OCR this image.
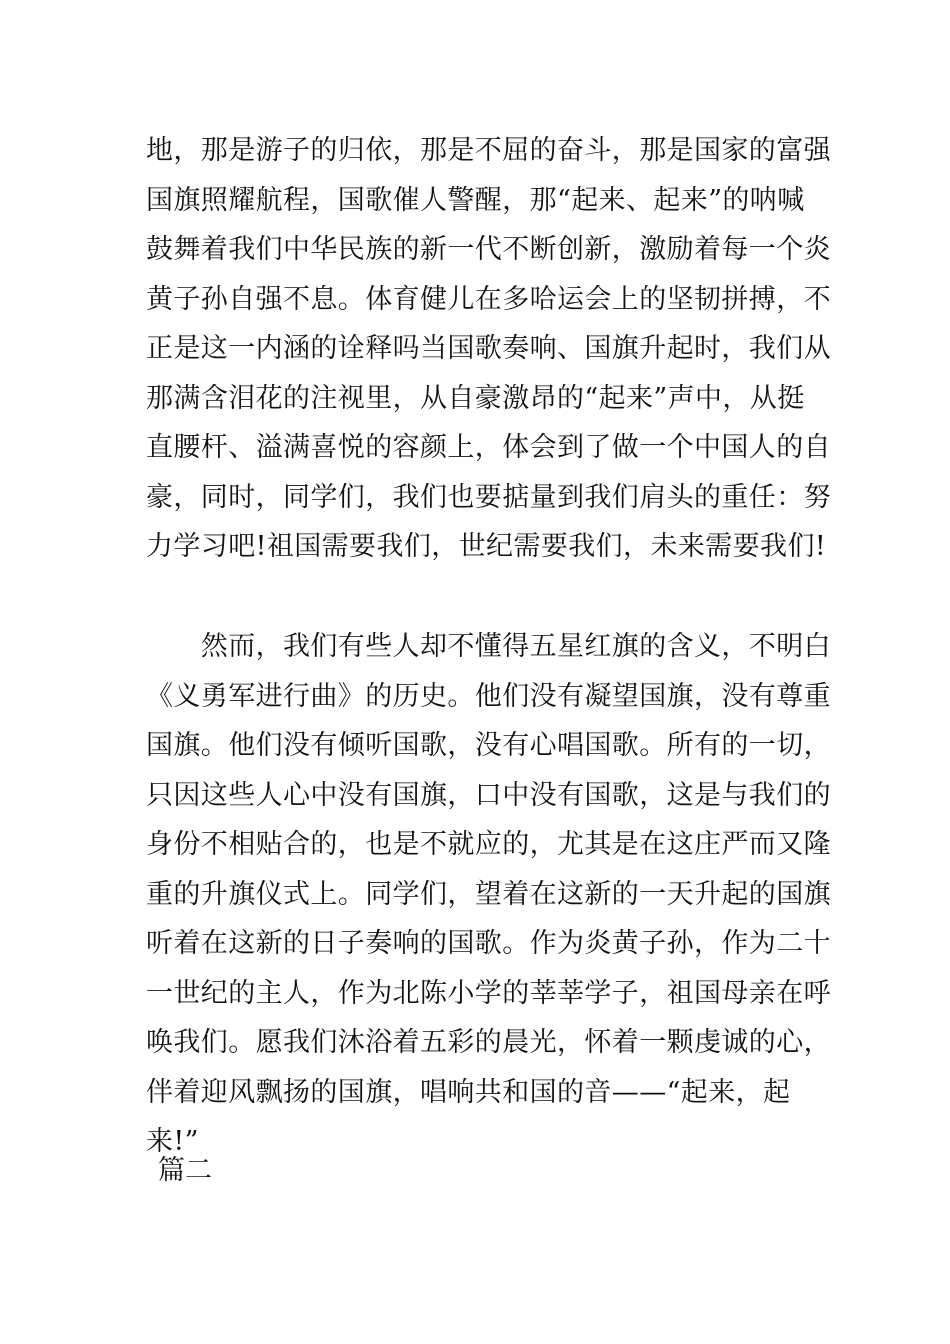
地，那是游子的归依，那是不屈的奋斗，那是国家的富强
国旗照耀航程，国歌催人警醒，那“起来、起来”的呐喊
鼓舞着我们中华民族的新一代不断创新，激励着每一个炎
黄子孙自强不息。体育健儿在多哈运会上的坚韧拼搏，不
正是这一内涵的诠释吗当国歌奏响、国旗升起时，我们从
那满含泪花的注视里，从自豪激昂的“起来”声中，从挺
直腰杆、溢满喜悦的容颜上，体会到了做一个中国人的自
豪，同时，同学们，我们也要掂量到我们肩头的重任：努
力学习吧!祖国需要我们，世纪需要我们，未来需要我们!
　　然而，我们有些人却不懂得五星红旗的含义，不明白
《义勇军进行曲》的历史。他们没有凝望国旗，没有尊重
国旗。他们没有倾听国歌，没有心唱国歌。所有的一切，
只因这些人心中没有国旗，口中没有国歌，这是与我们的
身份不相贴合的，也是不就应的，尤其是在这庄严而又隆
重的升旗仪式上。同学们，望着在这新的一天升起的国旗
听着在这新的日子奏响的国歌。作为炎黄子孙，作为二十
一世纪的主人，作为北陈小学的莘莘学子，祖国母亲在呼
唤我们。愿我们沐浴着五彩的晨光，怀着一颗虔诚的心，
伴着迎风飘扬的国旗，唱响共和国的音——“起来，起
来!”
篇二
